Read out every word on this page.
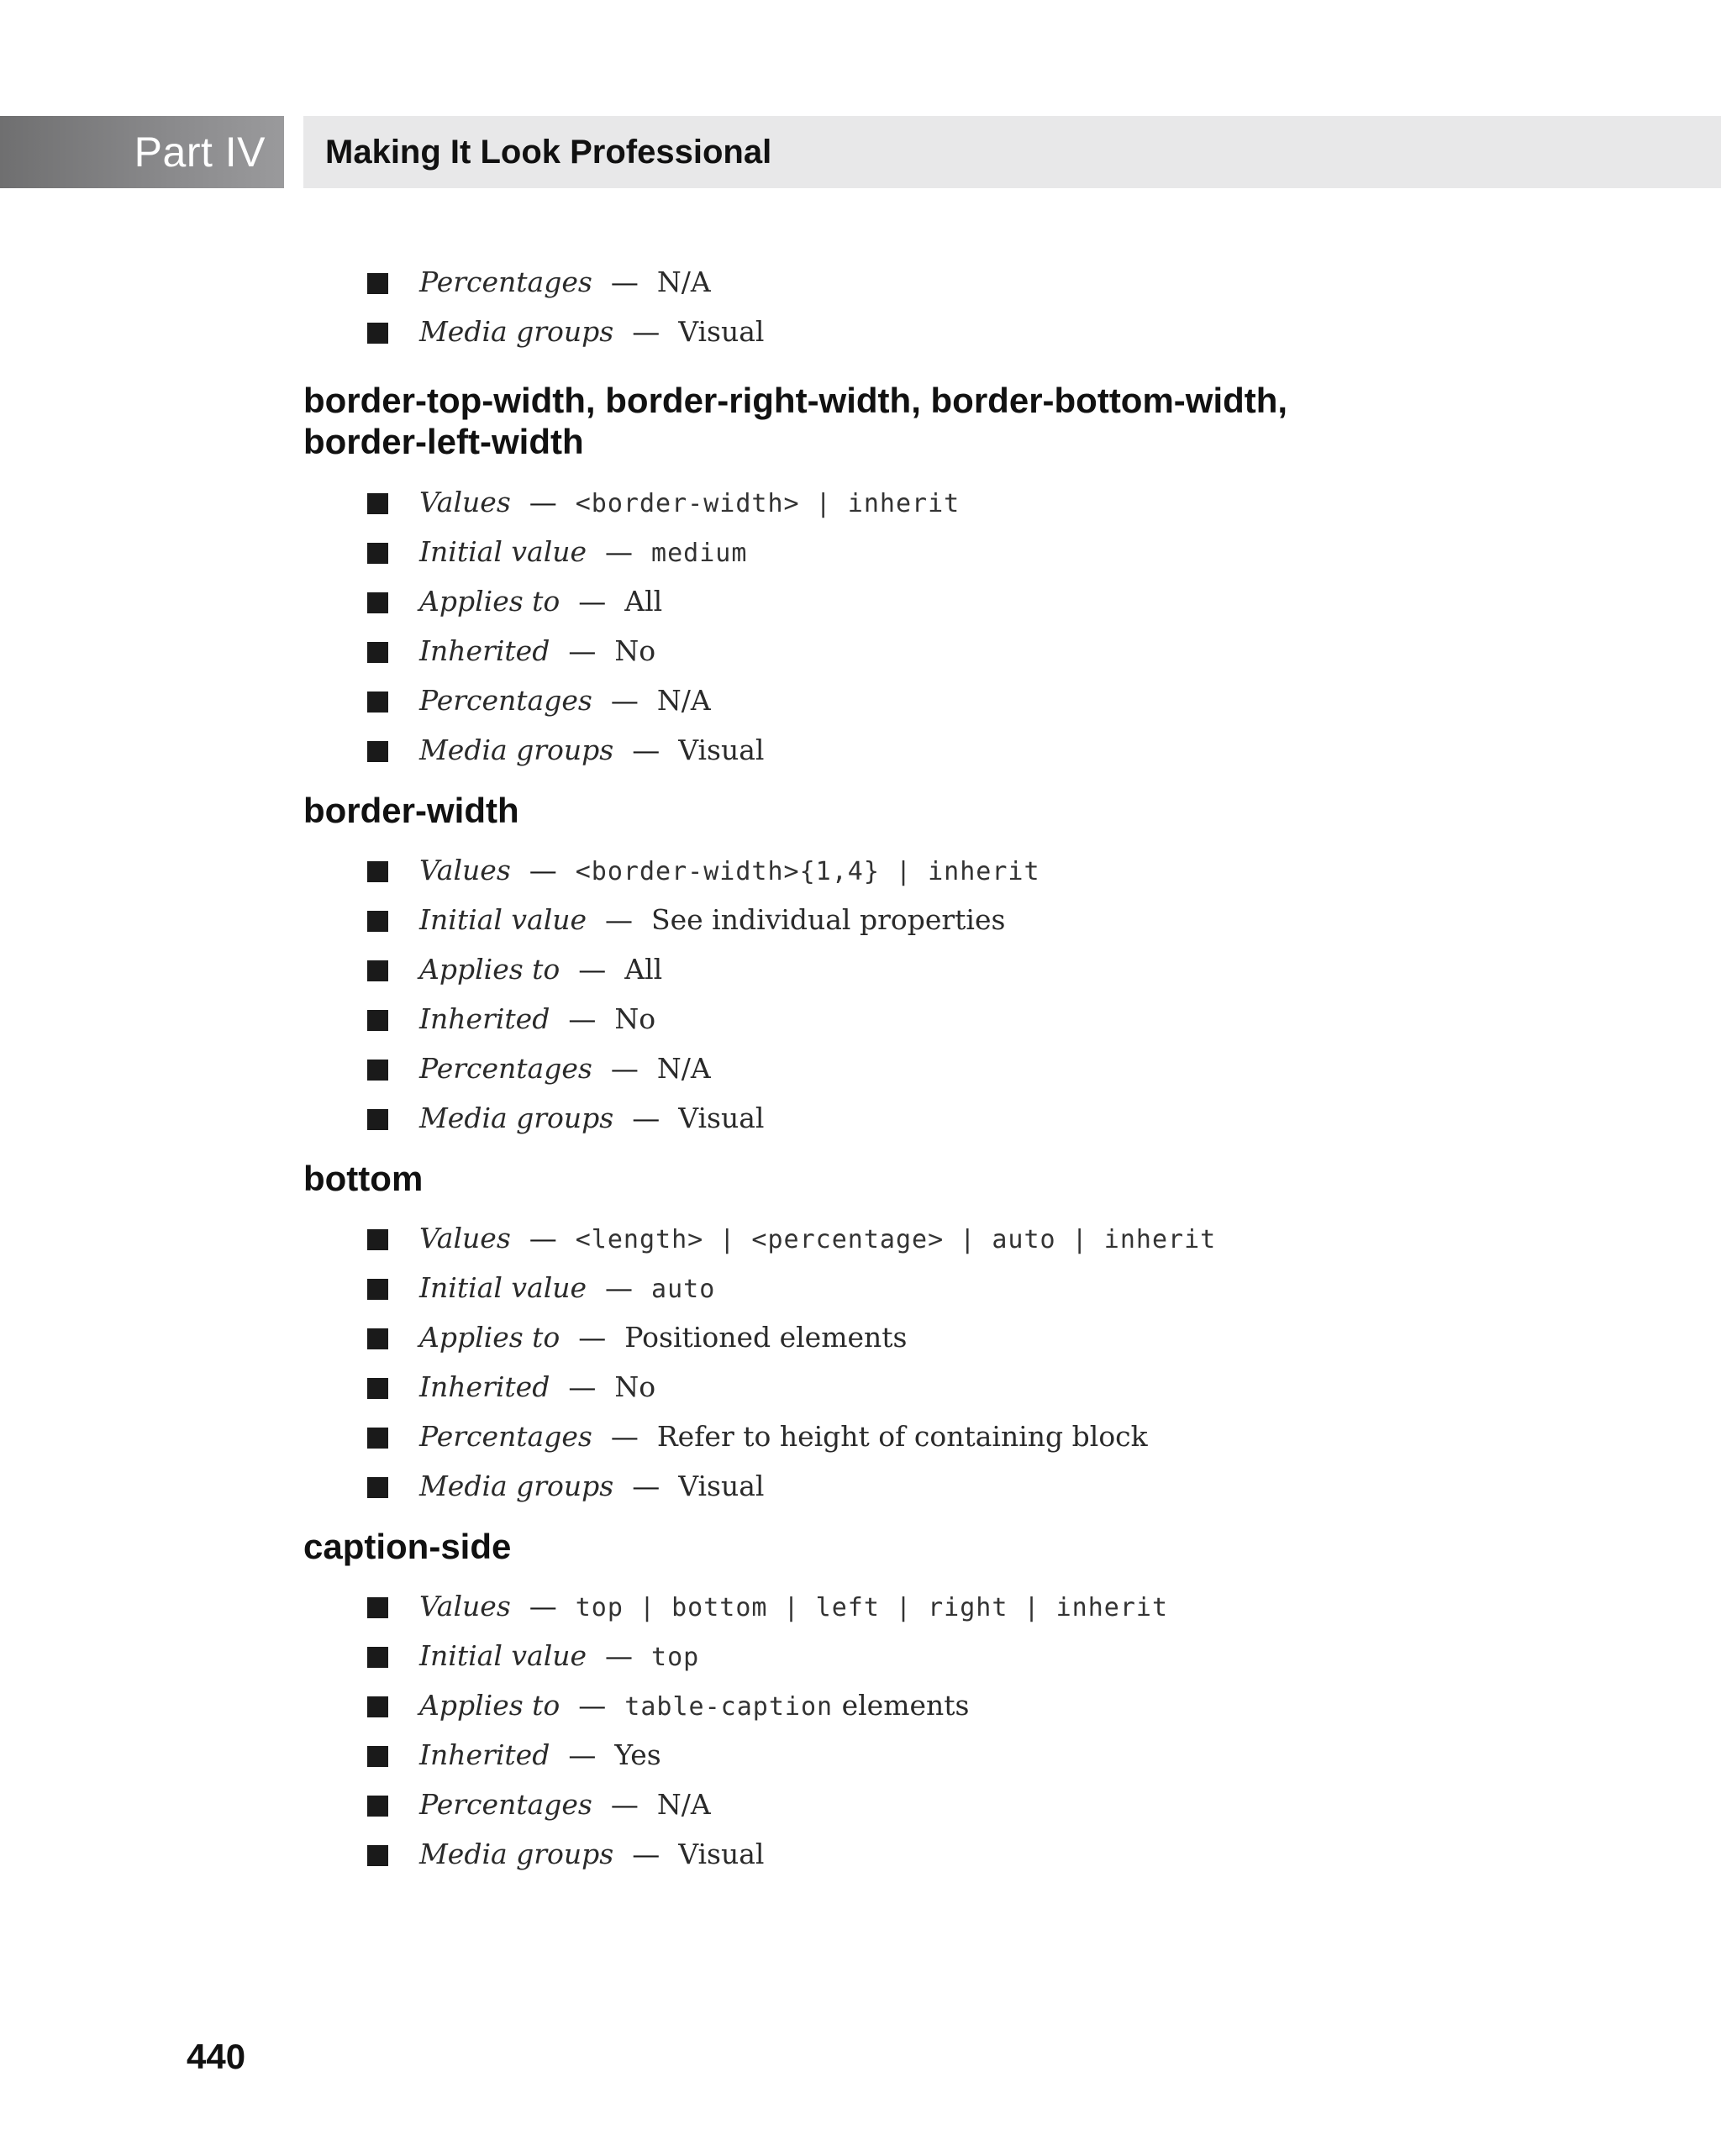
Part IV	Making It Look Professional
Percentages — N/A
Media groups — Visual
border-top-width, border-right-width, border-bottom-width,
border-left-width
Values — <border-width> | inherit
Initial value — medium
Applies to — All
Inherited — No
Percentages — N/A
Media groups — Visual
border-width
Values — <border-width>{1,4} | inherit
Initial value — See individual properties
Applies to — All
Inherited — No
Percentages — N/A
Media groups — Visual
bottom
Values — <length> | <percentage> | auto | inherit
Initial value — auto
Applies to — Positioned elements
Inherited — No
Percentages — Refer to height of containing block
Media groups — Visual
caption-side
Values — top | bottom | left | right | inherit
Initial value — top
Applies to — table-caption elements
Inherited — Yes
Percentages — N/A
Media groups — Visual
440
